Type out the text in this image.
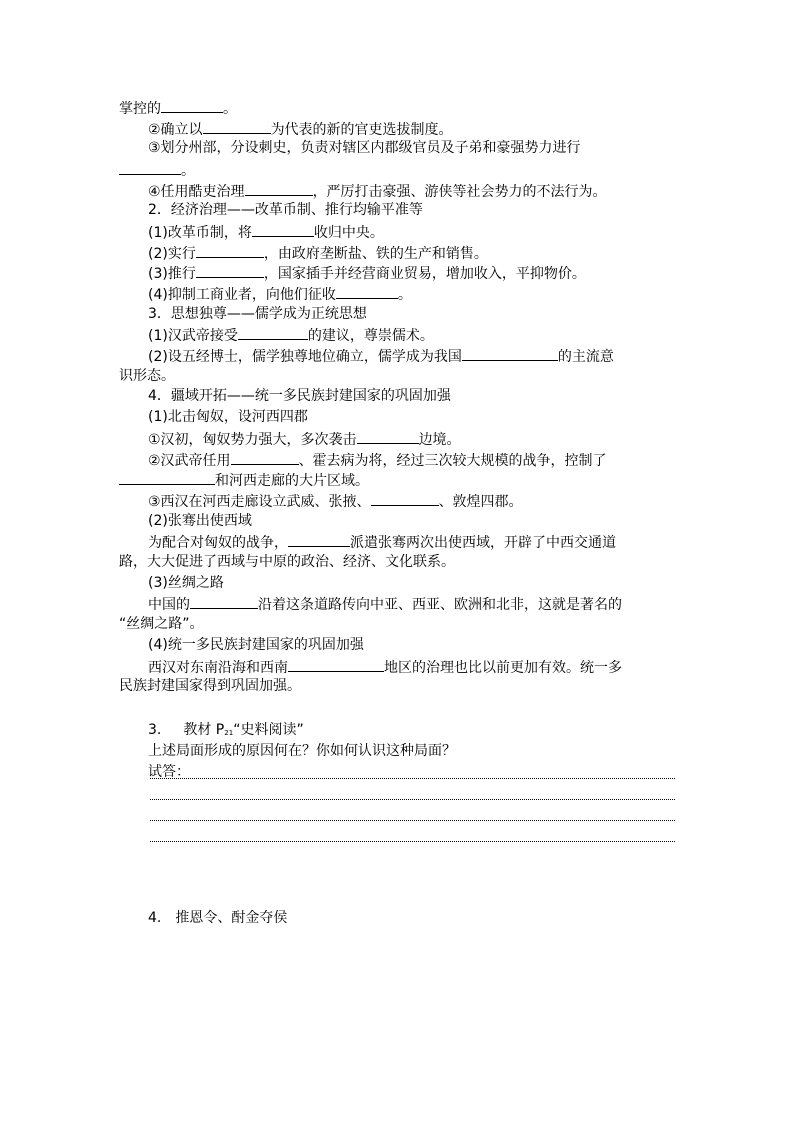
掌控的	。
②确立以	为代表的新的官吏选拔制度。
③划分州部，分设刺史，负责对辖区内郡级官员及子弟和豪强势力进行
。
④任用酷吏治理	，严厉打击豪强、游侠等社会势力的不法行为。
2．经济治理——改革币制、推行均输平准等
(1)改革币制，将	收归中央。
(2)实行	，由政府垄断盐、铁的生产和销售。
(3)推行	，国家插手并经营商业贸易，增加收入，平抑物价。
(4)抑制工商业者，向他们征收	。
3．思想独尊——儒学成为正统思想
(1)汉武帝接受	的建议，尊崇儒术。
(2)设五经博士，儒学独尊地位确立，儒学成为我国	的主流意
识形态。
4．疆域开拓——统一多民族封建国家的巩固加强
(1)北击匈奴，设河西四郡
①汉初，匈奴势力强大，多次袭击	边境。
②汉武帝任用	、霍去病为将，经过三次较大规模的战争，控制了
和河西走廊的大片区域。
③西汉在河西走廊设立武威、张掖、	、敦煌四郡。
(2)张骞出使西域
为配合对匈奴的战争，	派遣张骞两次出使西域，开辟了中西交通道
路，大大促进了西域与中原的政治、经济、文化联系。
(3)丝绸之路
中国的	沿着这条道路传向中亚、西亚、欧洲和北非，这就是著名的
“丝绸之路”。
(4)统一多民族封建国家的巩固加强
西汉对东南沿海和西南	地区的治理也比以前更加有效。统一多
民族封建国家得到巩固加强。
3. 教材 $P_{21}“$史料阅读”
上述局面形成的原因何在？你如何认识这种局面？
试答：
4. 推恩令、酎金夺侯
